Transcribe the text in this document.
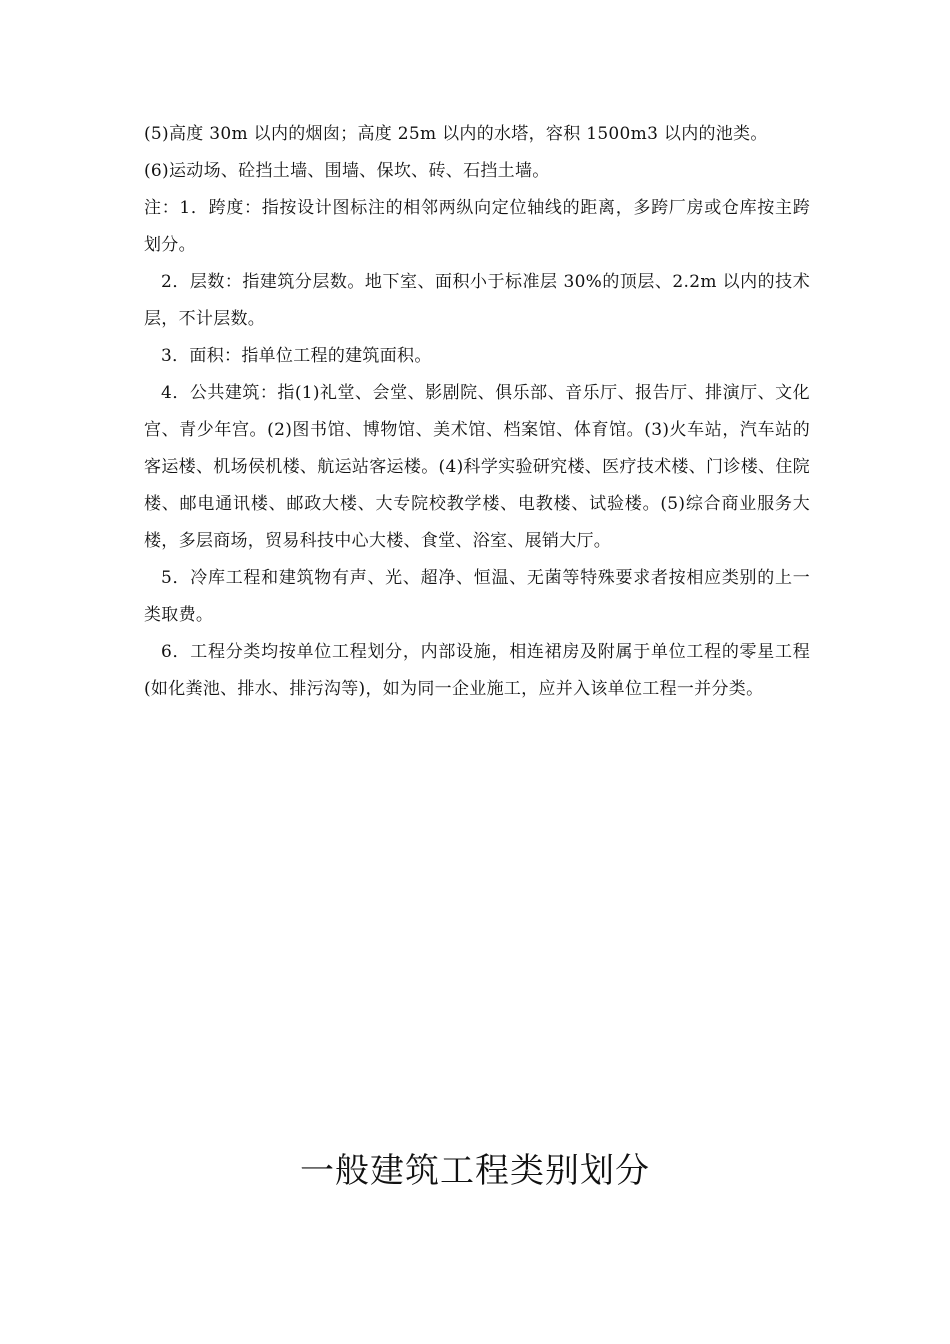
(5)高度 30m 以内的烟囱；高度 25m 以内的水塔，容积 1500m3 以内的池类。

(6)运动场、砼挡土墙、围墙、保坎、砖、石挡土墙。

注：1．跨度：指按设计图标注的相邻两纵向定位轴线的距离，多跨厂房或仓库按主跨划分。

2．层数：指建筑分层数。地下室、面积小于标准层 30%的顶层、2.2m 以内的技术层，不计层数。

3．面积：指单位工程的建筑面积。

4．公共建筑：指(1)礼堂、会堂、影剧院、俱乐部、音乐厅、报告厅、排演厅、文化宫、青少年宫。(2)图书馆、博物馆、美术馆、档案馆、体育馆。(3)火车站，汽车站的客运楼、机场侯机楼、航运站客运楼。(4)科学实验研究楼、医疗技术楼、门诊楼、住院楼、邮电通讯楼、邮政大楼、大专院校教学楼、电教楼、试验楼。(5)综合商业服务大楼，多层商场，贸易科技中心大楼、食堂、浴室、展销大厅。

5．冷库工程和建筑物有声、光、超净、恒温、无菌等特殊要求者按相应类别的上一类取费。

6．工程分类均按单位工程划分，内部设施，相连裙房及附属于单位工程的零星工程(如化粪池、排水、排污沟等)，如为同一企业施工，应并入该单位工程一并分类。

一般建筑工程类别划分
